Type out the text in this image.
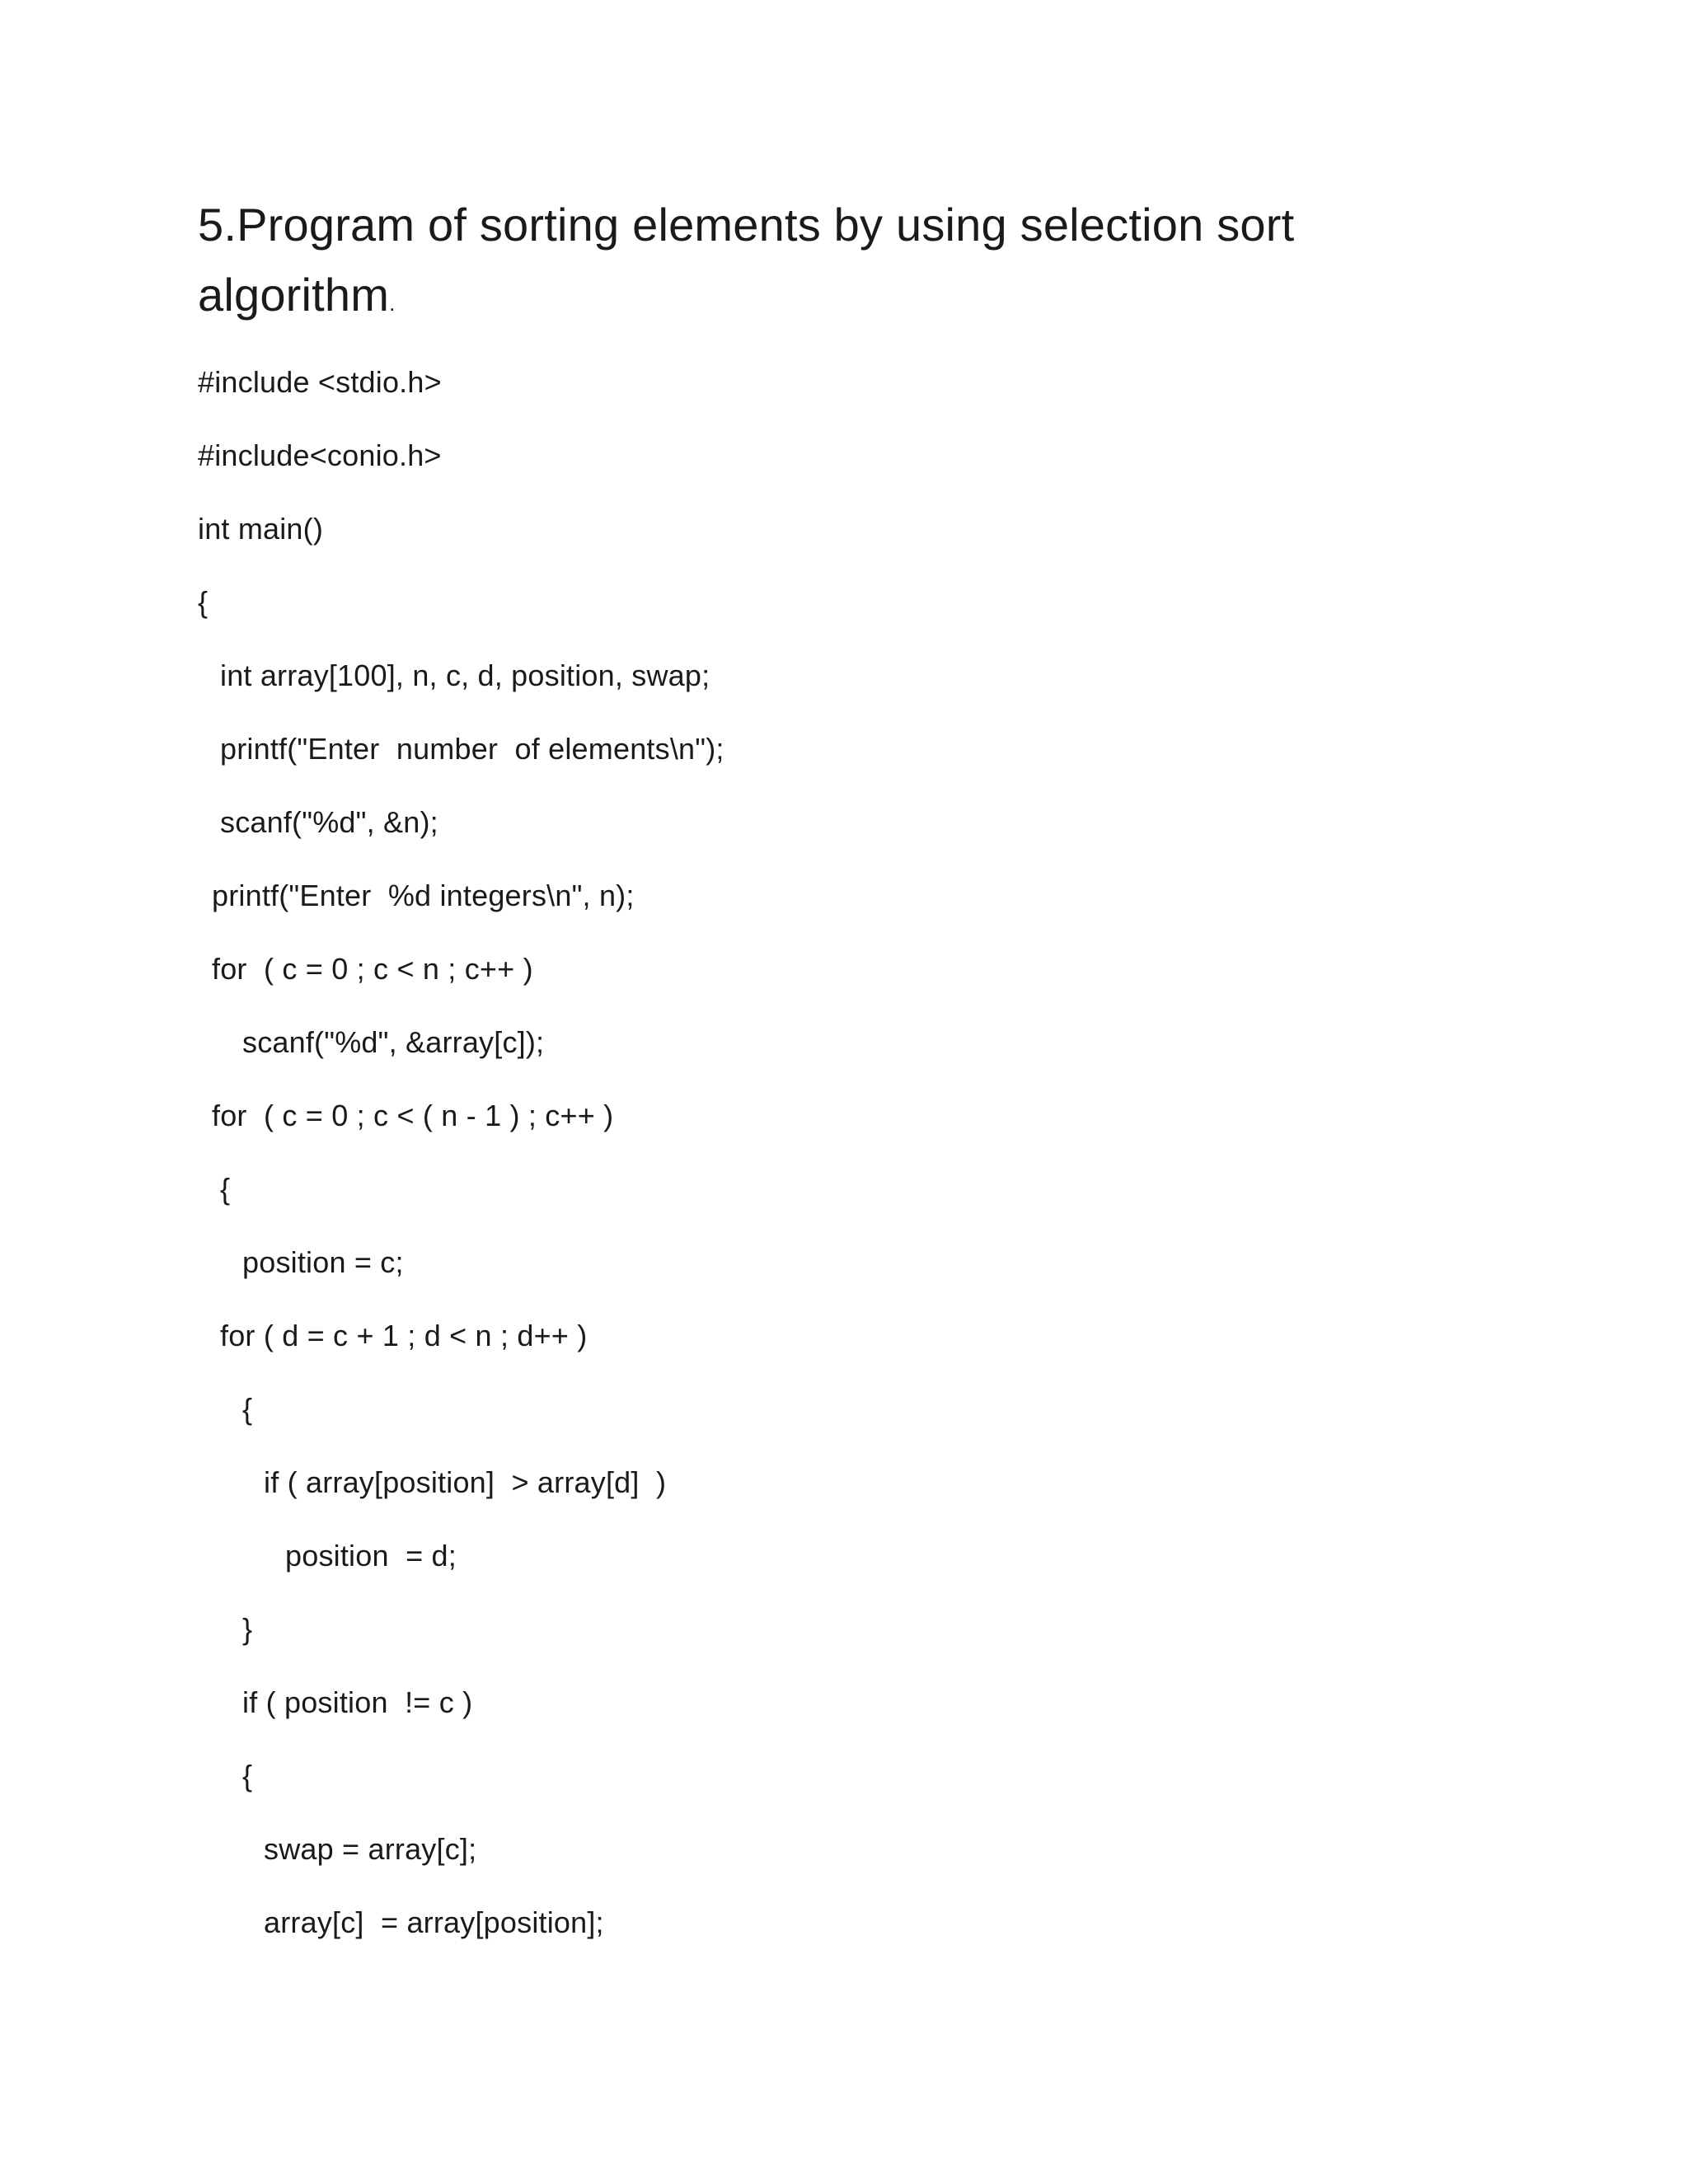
5.Program of sorting elements by using selection sort
algorithm.
#include <stdio.h>
#include<conio.h>
int main()
{
int array[100], n, c, d, position, swap;
printf("Enter  number  of elements\n");
scanf("%d", &n);
printf("Enter  %d integers\n", n);
for  ( c = 0 ; c < n ; c++ )
scanf("%d", &array[c]);
for  ( c = 0 ; c < ( n - 1 ) ; c++ )
{
position = c;
for ( d = c + 1 ; d < n ; d++ )
{
if ( array[position]  > array[d]  )
position  = d;
}
if ( position  != c )
{
swap = array[c];
array[c]  = array[position];
